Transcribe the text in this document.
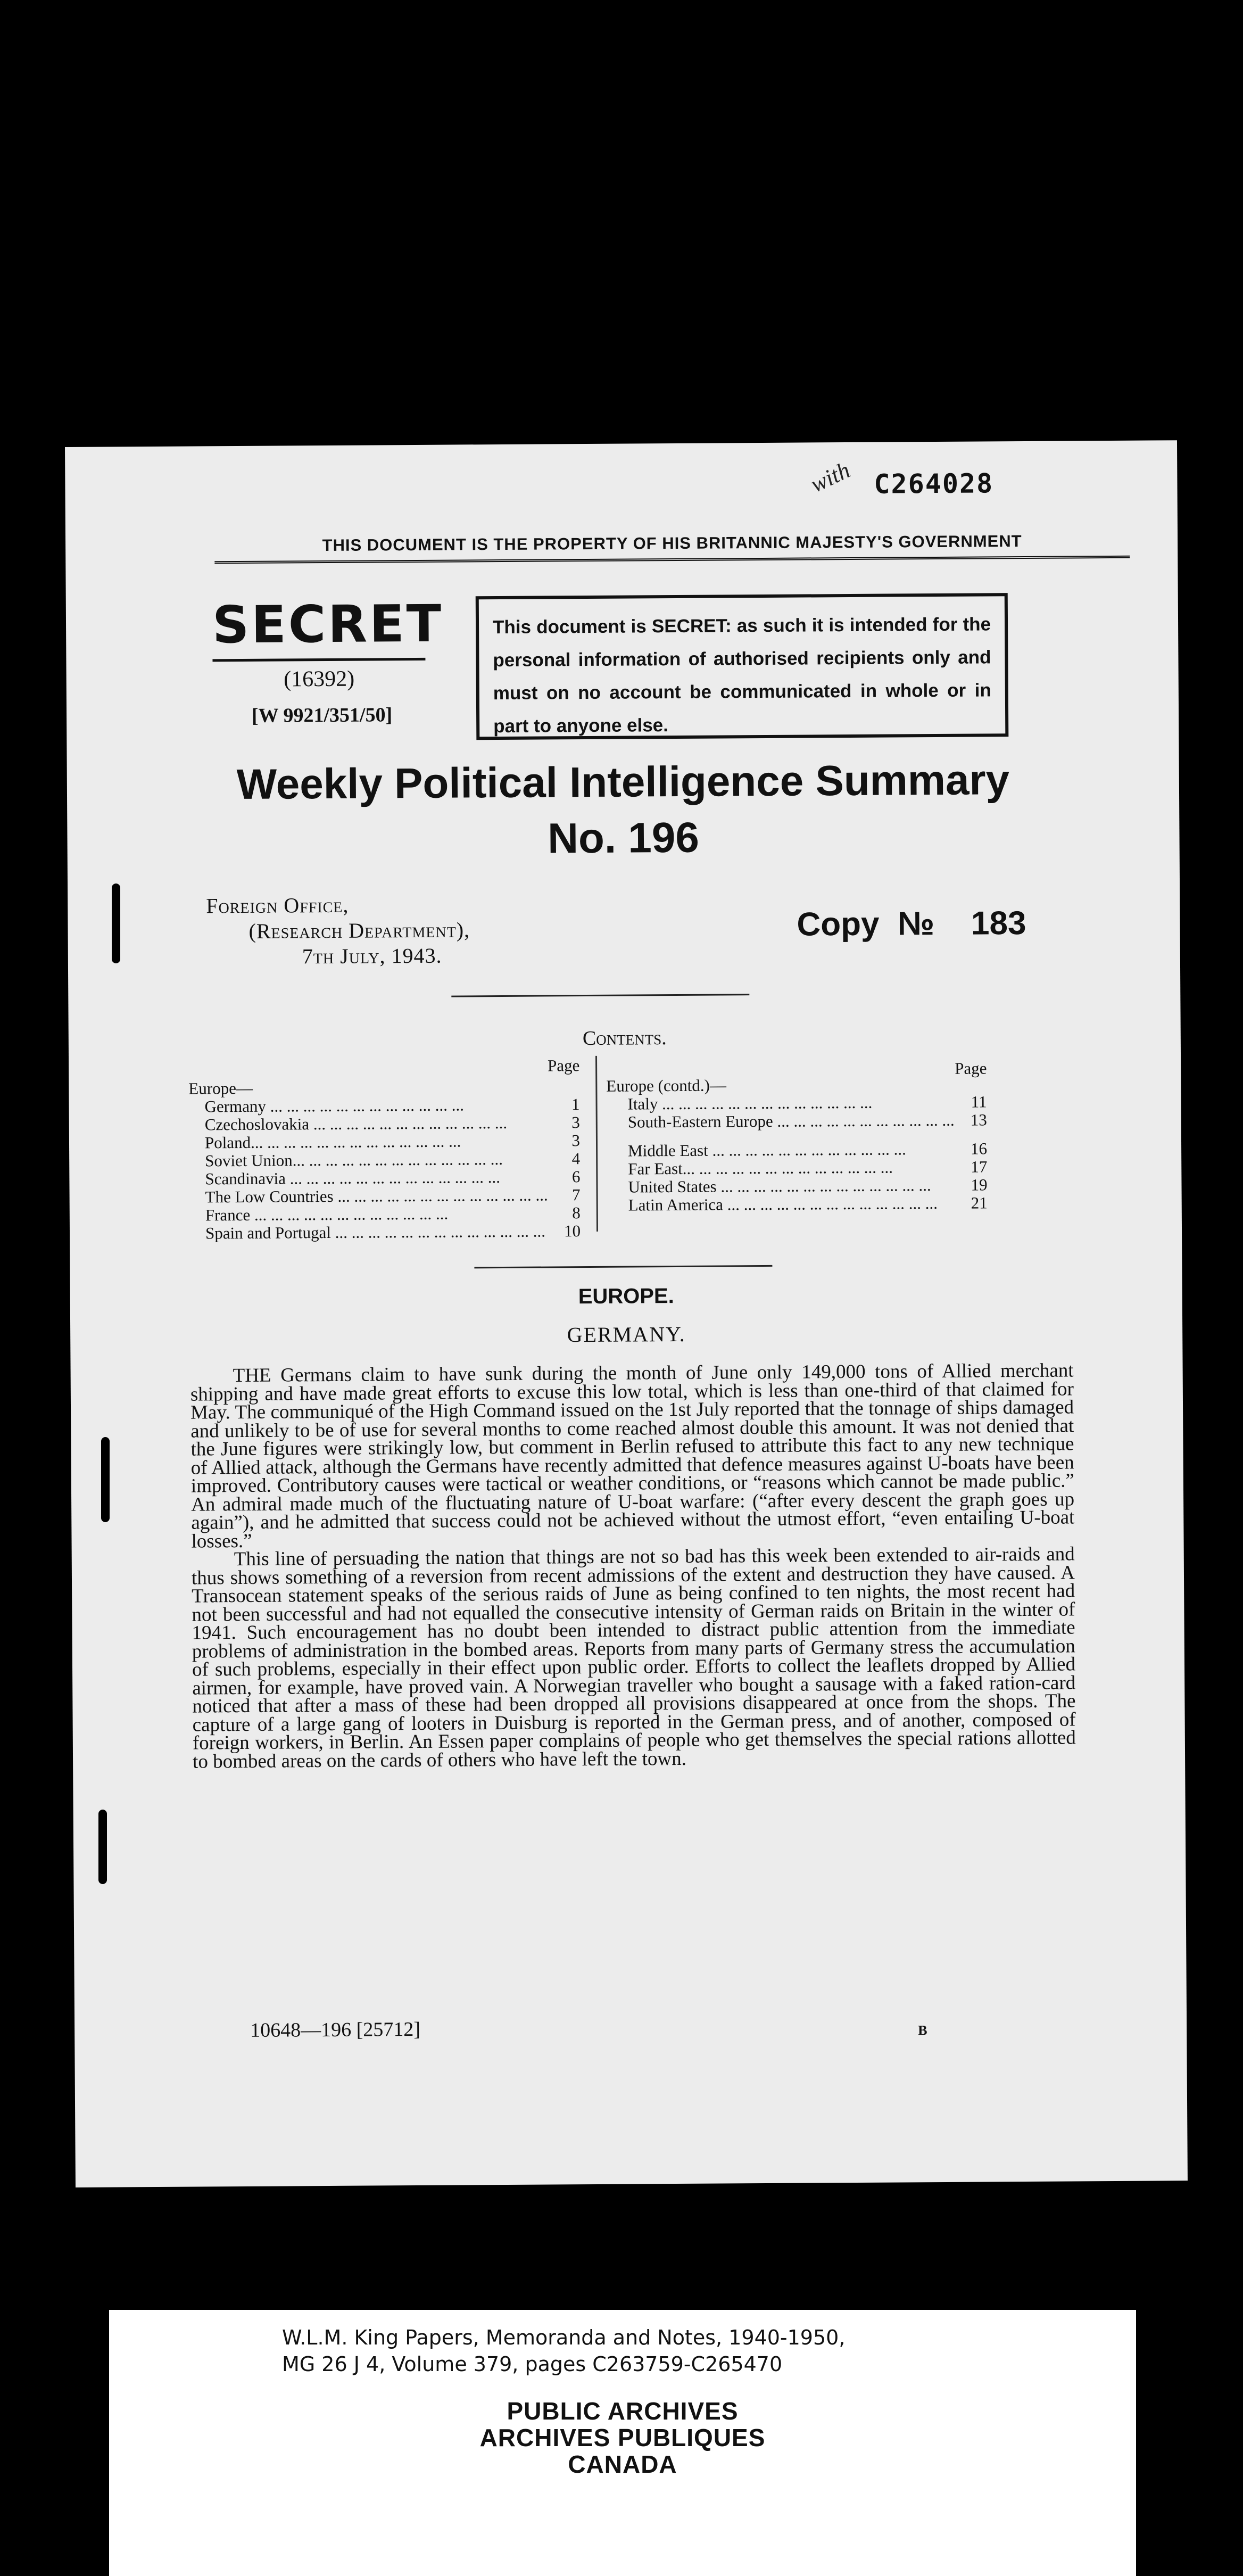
with C264028
THIS DOCUMENT IS THE PROPERTY OF HIS BRITANNIC MAJESTY'S GOVERNMENT
SECRET
(16392)
[W 9921/351/50]
This document is SECRET: as such it is intended for the personal information of authorised recipients only and must on no account be communicated in whole or in part to anyone else.
Weekly Political Intelligence Summary
No. 196
Foreign Office,
(Research Department),
7th July, 1943.
Copy № 183
Contents.
Page	Page
Europe—
Germany ...	1
Czechoslovakia ...	3
Poland... ...	3
Soviet Union... ...	4
Scandinavia ... ...	6
The Low Countries ... ...	7
France ...	8
Spain and Portugal ... ...	10
Europe (contd.)—
Italy ... ...	11
South-Eastern Europe ...	13
Middle East ...	16
Far East... ...	17
United States ... ...	19
Latin America ... ...	21
EUROPE.
GERMANY.

THE Germans claim to have sunk during the month of June only 149,000 tons of Allied merchant shipping and have made great efforts to excuse this low total, which is less than one-third of that claimed for May. The communiqué of the High Command issued on the 1st July reported that the tonnage of ships damaged and unlikely to be of use for several months to come reached almost double this amount. It was not denied that the June figures were strikingly low, but comment in Berlin refused to attribute this fact to any new technique of Allied attack, although the Germans have recently admitted that defence measures against U-boats have been improved. Contributory causes were tactical or weather conditions, or “reasons which cannot be made public.” An admiral made much of the fluctuating nature of U-boat warfare: (“after every descent the graph goes up again”), and he admitted that success could not be achieved without the utmost effort, “even entailing U-boat losses.”

This line of persuading the nation that things are not so bad has this week been extended to air-raids and thus shows something of a reversion from recent admissions of the extent and destruction they have caused. A Transocean statement speaks of the serious raids of June as being confined to ten nights, the most recent had not been successful and had not equalled the consecutive intensity of German raids on Britain in the winter of 1941. Such encouragement has no doubt been intended to distract public attention from the immediate problems of administration in the bombed areas. Reports from many parts of Germany stress the accumulation of such problems, especially in their effect upon public order. Efforts to collect the leaflets dropped by Allied airmen, for example, have proved vain. A Norwegian traveller who bought a sausage with a faked ration-card noticed that after a mass of these had been dropped all provisions disappeared at once from the shops. The capture of a large gang of looters in Duisburg is reported in the German press, and of another, composed of foreign workers, in Berlin. An Essen paper complains of people who get themselves the special rations allotted to bombed areas on the cards of others who have left the town.

10648—196 [25712]	B
W.L.M. King Papers, Memoranda and Notes, 1940-1950,
MG 26 J 4, Volume 379, pages C263759-C265470
PUBLIC ARCHIVES
ARCHIVES PUBLIQUES
CANADA
